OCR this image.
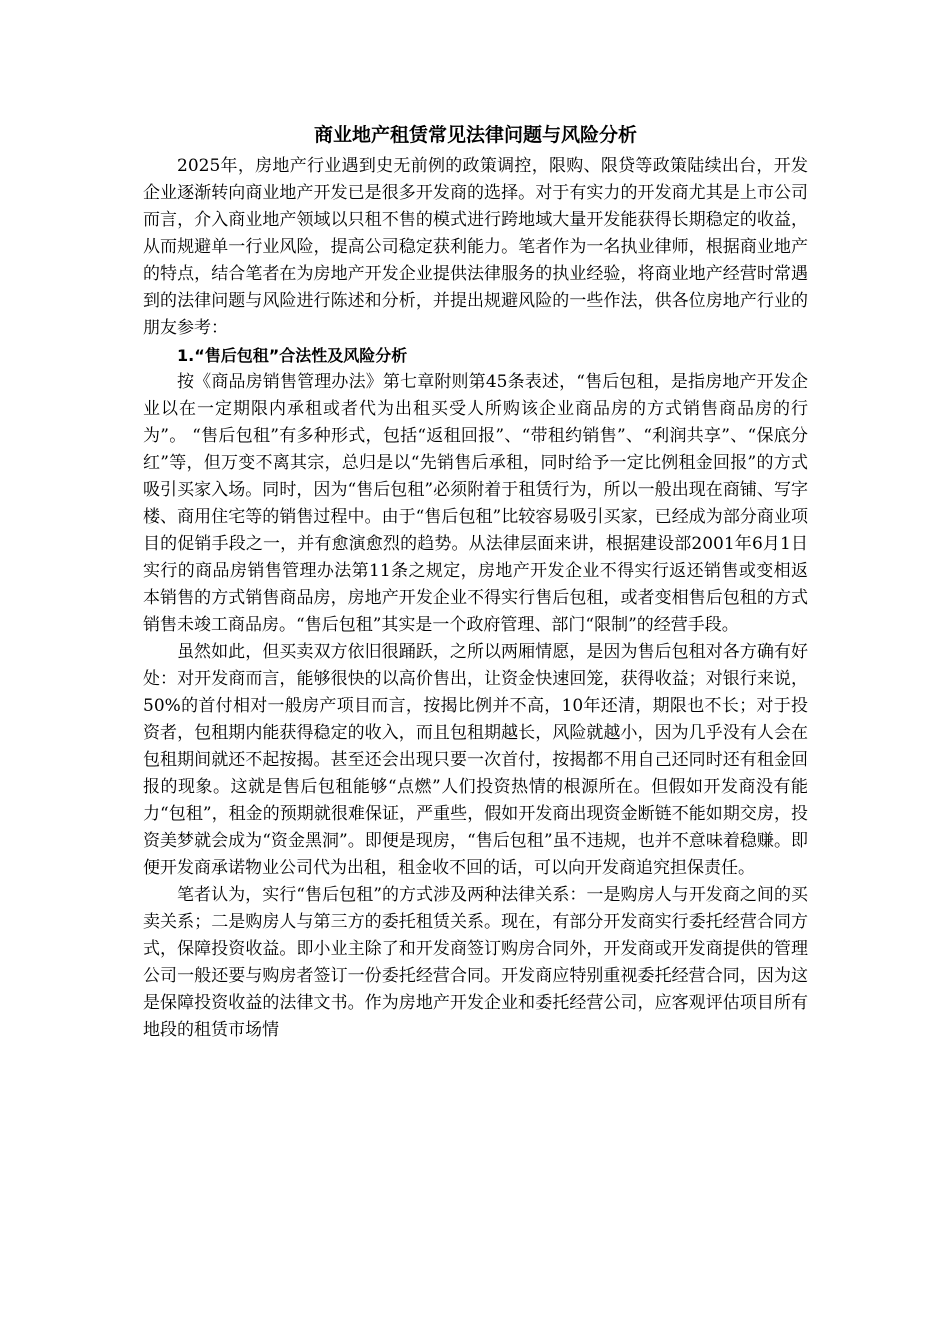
商业地产租赁常见法律问题与风险分析

2025年，房地产行业遇到史无前例的政策调控，限购、限贷等政策陆续出台，开发企业逐渐转向商业地产开发已是很多开发商的选择。对于有实力的开发商尤其是上市公司而言，介入商业地产领域以只租不售的模式进行跨地域大量开发能获得长期稳定的收益，从而规避单一行业风险，提高公司稳定获利能力。笔者作为一名执业律师，根据商业地产的特点，结合笔者在为房地产开发企业提供法律服务的执业经验，将商业地产经营时常遇到的法律问题与风险进行陈述和分析，并提出规避风险的一些作法，供各位房地产行业的朋友参考：

1.“售后包租”合法性及风险分析

按《商品房销售管理办法》第七章附则第45条表述，“售后包租，是指房地产开发企业以在一定期限内承租或者代为出租买受人所购该企业商品房的方式销售商品房的行为”。 “售后包租”有多种形式，包括“返租回报”、“带租约销售”、“利润共享”、“保底分红”等，但万变不离其宗，总归是以“先销售后承租，同时给予一定比例租金回报”的方式吸引买家入场。同时，因为“售后包租”必须附着于租赁行为，所以一般出现在商铺、写字楼、商用住宅等的销售过程中。由于“售后包租”比较容易吸引买家，已经成为部分商业项目的促销手段之一，并有愈演愈烈的趋势。从法律层面来讲，根据建设部2001年6月1日实行的商品房销售管理办法第11条之规定，房地产开发企业不得实行返还销售或变相返本销售的方式销售商品房，房地产开发企业不得实行售后包租，或者变相售后包租的方式销售未竣工商品房。“售后包租”其实是一个政府管理、部门“限制”的经营手段。

虽然如此，但买卖双方依旧很踊跃，之所以两厢情愿，是因为售后包租对各方确有好处：对开发商而言，能够很快的以高价售出，让资金快速回笼，获得收益；对银行来说，50%的首付相对一般房产项目而言，按揭比例并不高，10年还清，期限也不长；对于投资者，包租期内能获得稳定的收入，而且包租期越长，风险就越小，因为几乎没有人会在包租期间就还不起按揭。甚至还会出现只要一次首付，按揭都不用自己还同时还有租金回报的现象。这就是售后包租能够“点燃”人们投资热情的根源所在。但假如开发商没有能力“包租”，租金的预期就很难保证，严重些，假如开发商出现资金断链不能如期交房，投资美梦就会成为“资金黑洞”。即便是现房，“售后包租”虽不违规，也并不意味着稳赚。即便开发商承诺物业公司代为出租，租金收不回的话，可以向开发商追究担保责任。

笔者认为，实行“售后包租”的方式涉及两种法律关系：一是购房人与开发商之间的买卖关系；二是购房人与第三方的委托租赁关系。现在，有部分开发商实行委托经营合同方式，保障投资收益。即小业主除了和开发商签订购房合同外，开发商或开发商提供的管理公司一般还要与购房者签订一份委托经营合同。开发商应特别重视委托经营合同，因为这是保障投资收益的法律文书。作为房地产开发企业和委托经营公司，应客观评估项目所有地段的租赁市场情
